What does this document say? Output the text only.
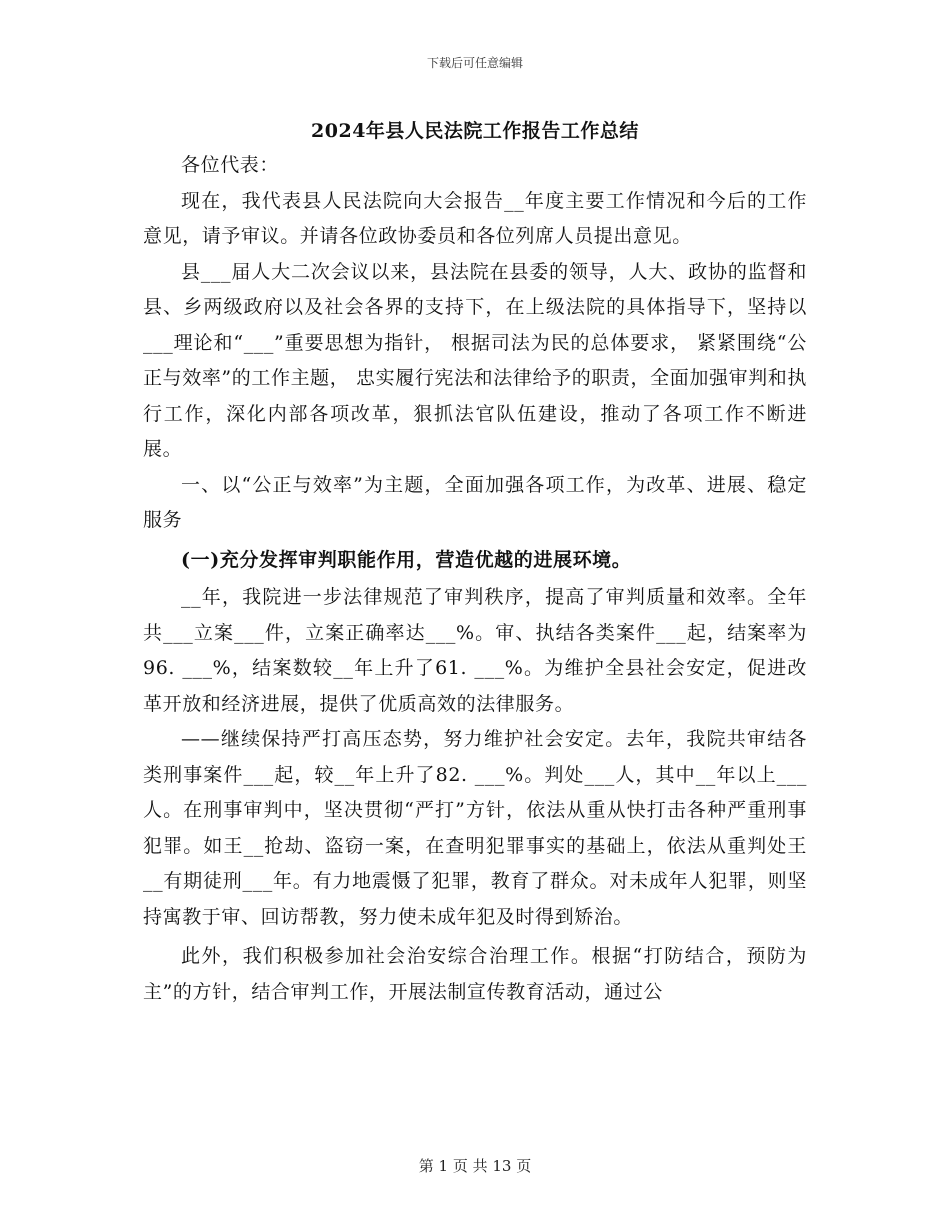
下载后可任意编辑
2024年县人民法院工作报告工作总结

各位代表：

现在，我代表县人民法院向大会报告__年度主要工作情况和今后的工作意见，请予审议。并请各位政协委员和各位列席人员提出意见。

县___届人大二次会议以来，县法院在县委的领导，人大、政协的监督和县、乡两级政府以及社会各界的支持下，在上级法院的具体指导下，坚持以___理论和“___”重要思想为指针， 根据司法为民的总体要求， 紧紧围绕“公正与效率”的工作主题， 忠实履行宪法和法律给予的职责，全面加强审判和执行工作，深化内部各项改革，狠抓法官队伍建设，推动了各项工作不断进展。

一、以“公正与效率”为主题，全面加强各项工作，为改革、进展、稳定服务

(一)充分发挥审判职能作用，营造优越的进展环境。

__年，我院进一步法律规范了审判秩序，提高了审判质量和效率。全年共___立案___件，立案正确率达___%。审、执结各类案件___起，结案率为96. ___%，结案数较__年上升了61. ___%。为维护全县社会安定，促进改革开放和经济进展，提供了优质高效的法律服务。

——继续保持严打高压态势，努力维护社会安定。去年，我院共审结各类刑事案件___起，较__年上升了82. ___%。判处___人，其中__年以上___人。在刑事审判中，坚决贯彻“严打”方针，依法从重从快打击各种严重刑事犯罪。如王__抢劫、盗窃一案，在查明犯罪事实的基础上，依法从重判处王__有期徒刑___年。有力地震慑了犯罪，教育了群众。对未成年人犯罪，则坚持寓教于审、回访帮教，努力使未成年犯及时得到矫治。

此外，我们积极参加社会治安综合治理工作。根据“打防结合，预防为主”的方针，结合审判工作，开展法制宣传教育活动，通过公

第 1 页 共 13 页
